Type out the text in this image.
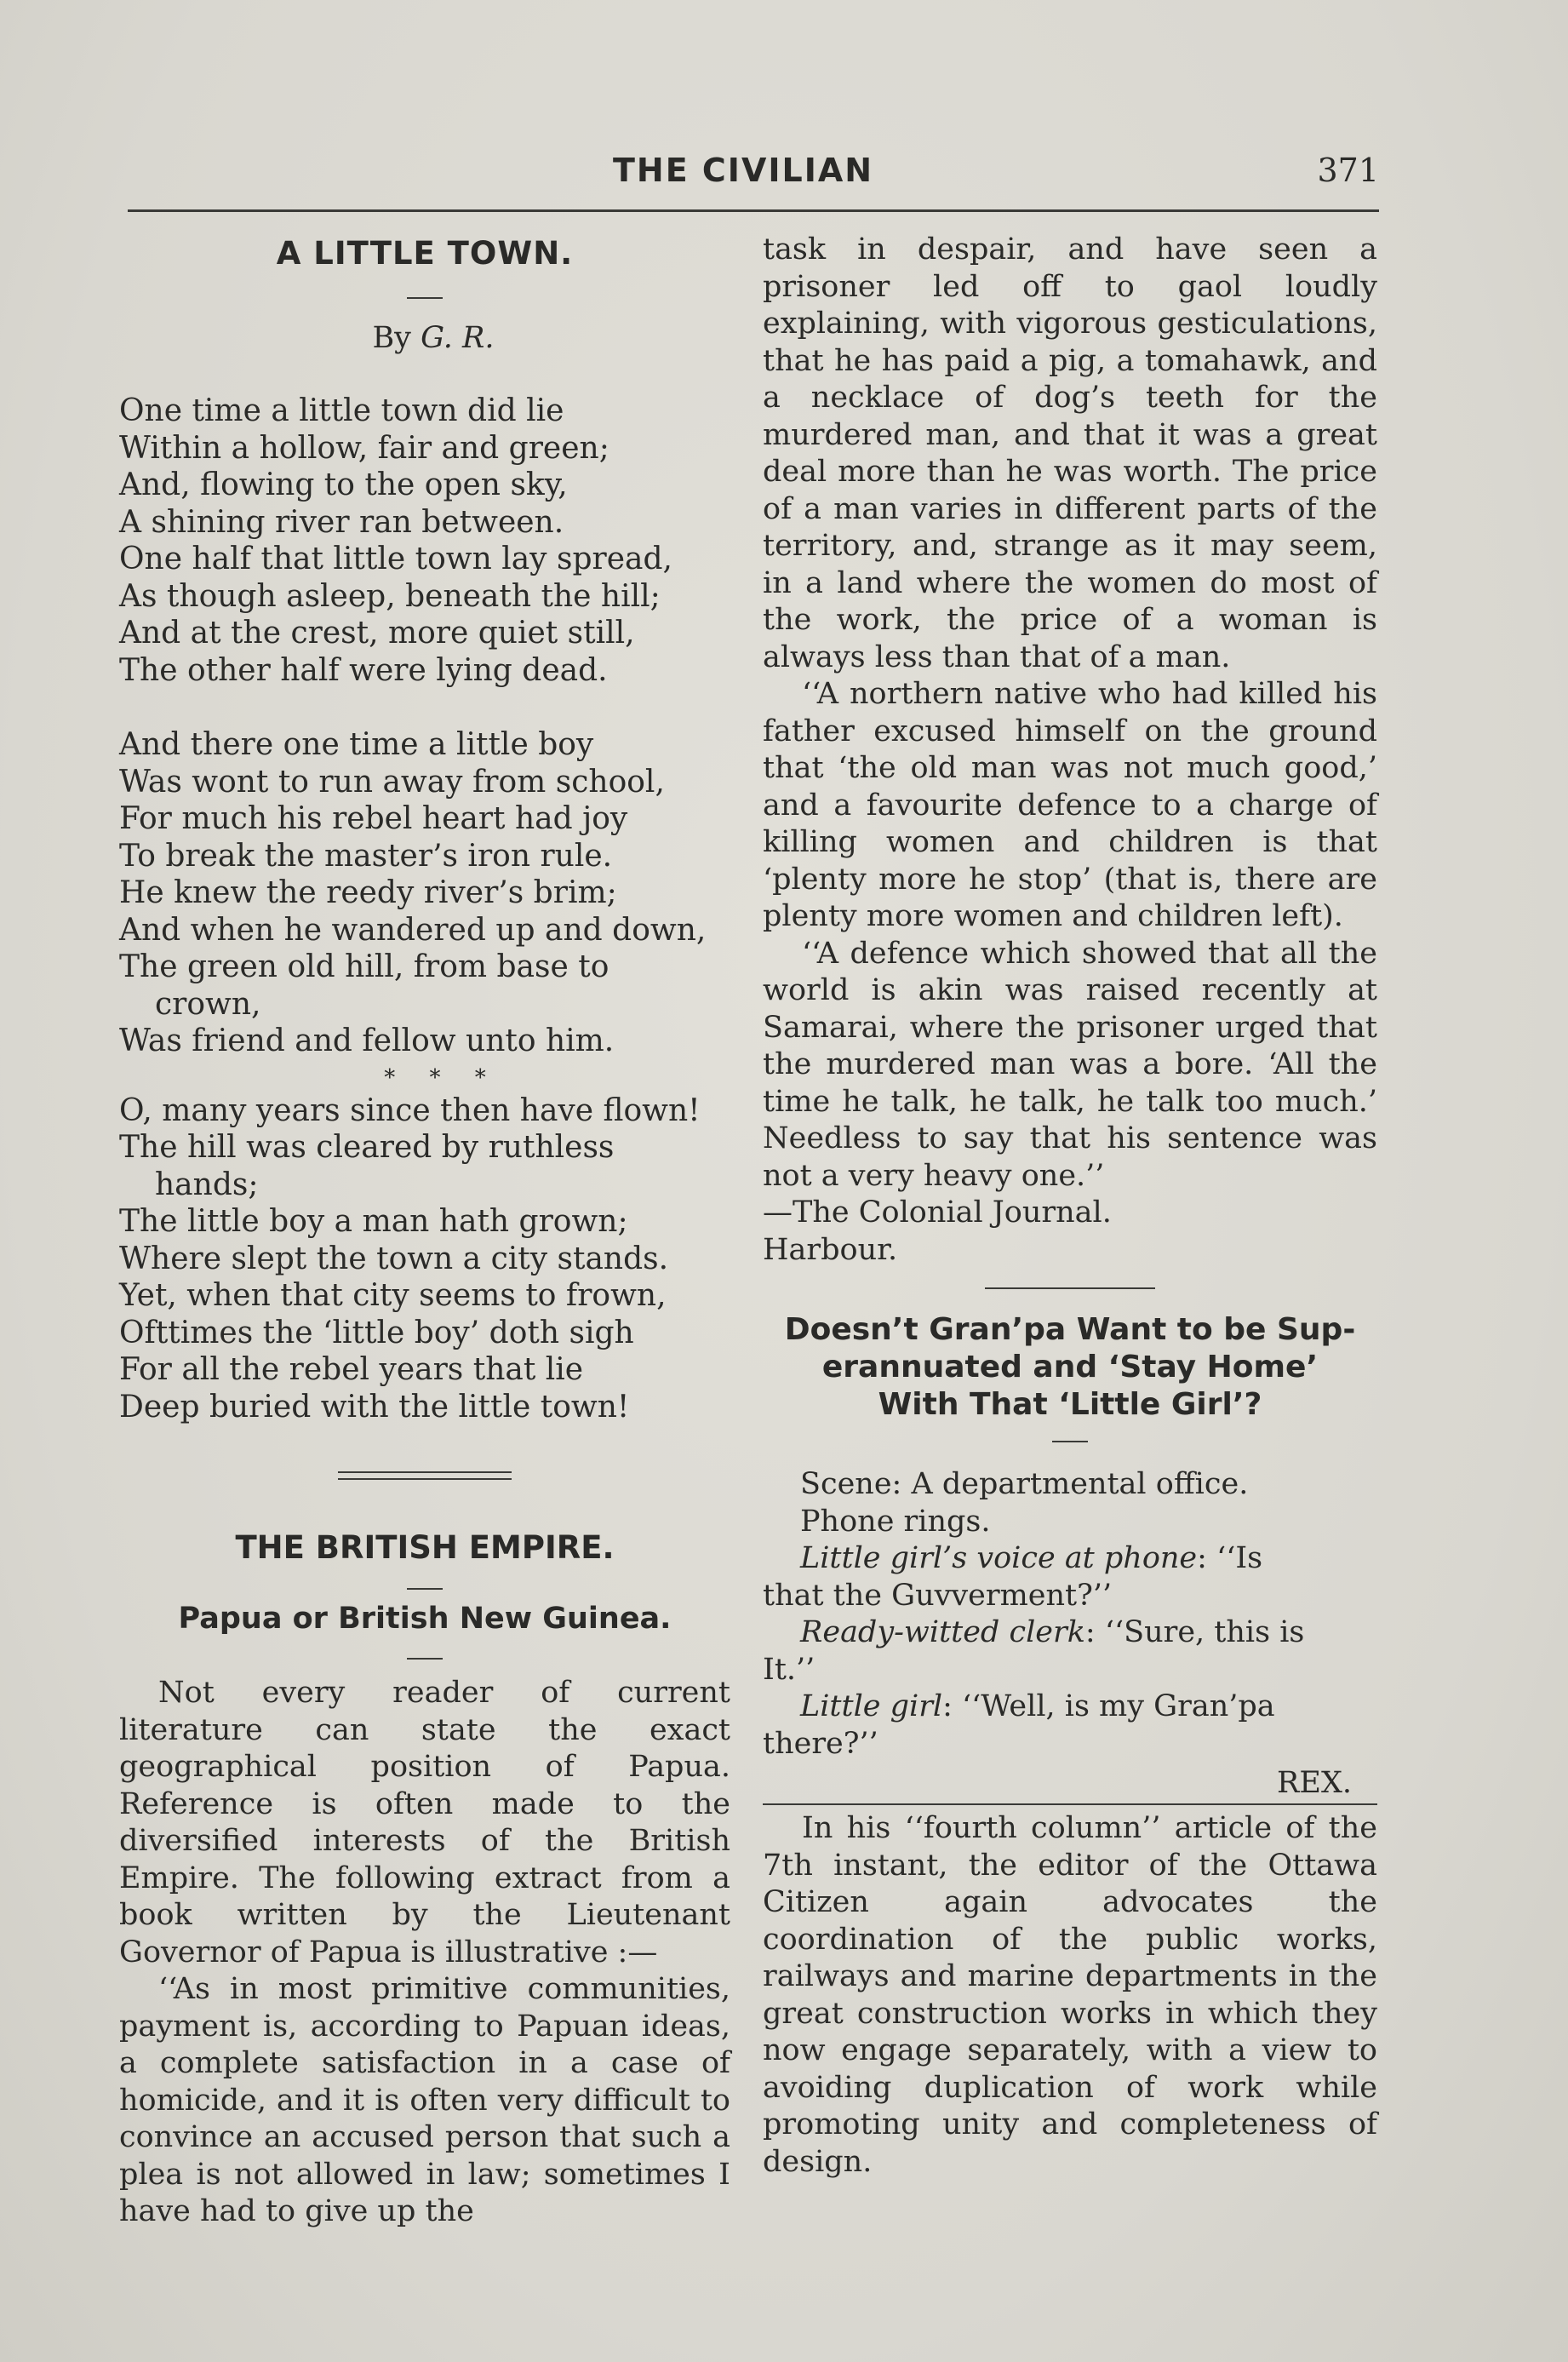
THE CIVILIAN	371
A LITTLE TOWN.
By G. R.
One time a little town did lie
Within a hollow, fair and green;
And, flowing to the open sky,
A shining river ran between.
One half that little town lay spread,
As though asleep, beneath the hill;
And at the crest, more quiet still,
The other half were lying dead.
And there one time a little boy
Was wont to run away from school,
For much his rebel heart had joy
To break the master’s iron rule.
He knew the reedy river’s brim;
And when he wandered up and down,
The green old hill, from base to
crown,
Was friend and fellow unto him.
* * *
O, many years since then have flown!
The hill was cleared by ruthless
hands;
The little boy a man hath grown;
Where slept the town a city stands.
Yet, when that city seems to frown,
Ofttimes the ‘little boy’ doth sigh
For all the rebel years that lie
Deep buried with the little town!
THE BRITISH EMPIRE.
Papua or British New Guinea.

Not every reader of current literature can state the exact geographical position of Papua. Reference is often made to the diversified interests of the British Empire. The following extract from a book written by the Lieutenant Governor of Papua is illustrative :—

‘‘As in most primitive communities, payment is, according to Papuan ideas, a complete satisfaction in a case of homicide, and it is often very difficult to convince an accused person that such a plea is not allowed in law; sometimes I have had to give up the

task in despair, and have seen a prisoner led off to gaol loudly explaining, with vigorous gesticulations, that he has paid a pig, a tomahawk, and a necklace of dog’s teeth for the murdered man, and that it was a great deal more than he was worth. The price of a man varies in different parts of the territory, and, strange as it may seem, in a land where the women do most of the work, the price of a woman is always less than that of a man.

‘‘A northern native who had killed his father excused himself on the ground that ‘the old man was not much good,’ and a favourite defence to a charge of killing women and children is that ‘plenty more he stop’ (that is, there are plenty more women and children left).

‘‘A defence which showed that all the world is akin was raised recently at Samarai, where the prisoner urged that the murdered man was a bore. ‘All the time he talk, he talk, he talk too much.’ Needless to say that his sentence was not a very heavy one.’’

—The Colonial Journal.

Harbour.

Doesn’t Gran’pa Want to be Sup-
erannuated and ‘Stay Home’
With That ‘Little Girl’?
Scene: A departmental office.
Phone rings.
Little girl’s voice at phone: ‘‘Is
that the Guvverment?’’
Ready-witted clerk: ‘‘Sure, this is
It.’’
Little girl: ‘‘Well, is my Gran’pa
there?’’
REX.

In his ‘‘fourth column’’ article of the 7th instant, the editor of the Ottawa Citizen again advocates the coordination of the public works, railways and marine departments in the great construction works in which they now engage separately, with a view to avoiding duplication of work while promoting unity and completeness of design.
